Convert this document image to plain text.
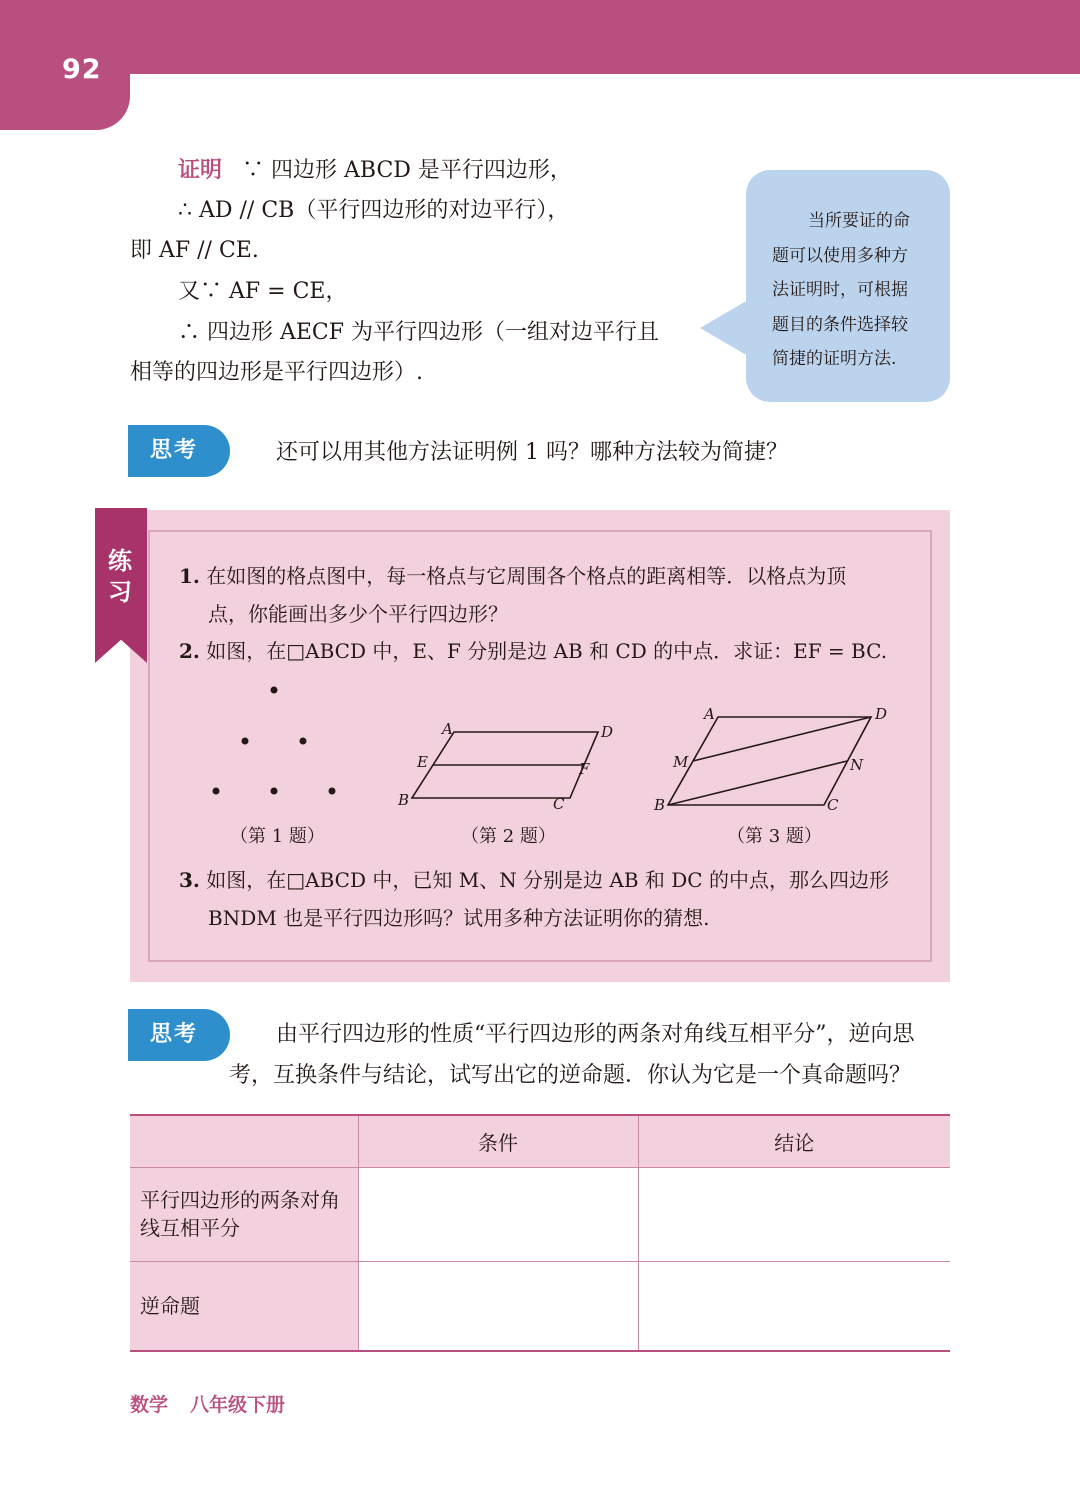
92
证明 ∵ 四边形 ABCD 是平行四边形，
∴ AD // CB（平行四边形的对边平行），
即 AF // CE.
又∵ AF = CE，
∴ 四边形 AECF 为平行四边形（一组对边平行且
相等的四边形是平行四边形）.
当所要证的命
题可以使用多种方
法证明时，可根据
题目的条件选择较
简捷的证明方法.
思考	还可以用其他方法证明例 1 吗？哪种方法较为简捷？
练习
1. 在如图的格点图中，每一格点与它周围各个格点的距离相等．以格点为顶
点，你能画出多少个平行四边形？
2. 如图，在□ABCD 中，E、F 分别是边 AB 和 CD 的中点．求证：EF = BC.
A	D
E	F
B	C
A	D
M	N
B	C
（第 1 题）	（第 2 题）	（第 3 题）
3. 如图，在□ABCD 中，已知 M、N 分别是边 AB 和 DC 的中点，那么四边形
BNDM 也是平行四边形吗？试用多种方法证明你的猜想.
思考	由平行四边形的性质“平行四边形的两条对角线互相平分”，逆向思
考，互换条件与结论，试写出它的逆命题．你认为它是一个真命题吗？
	条件	结论

平行四边形的两条对角
线互相平分		

逆命题		

数学 八年级下册
